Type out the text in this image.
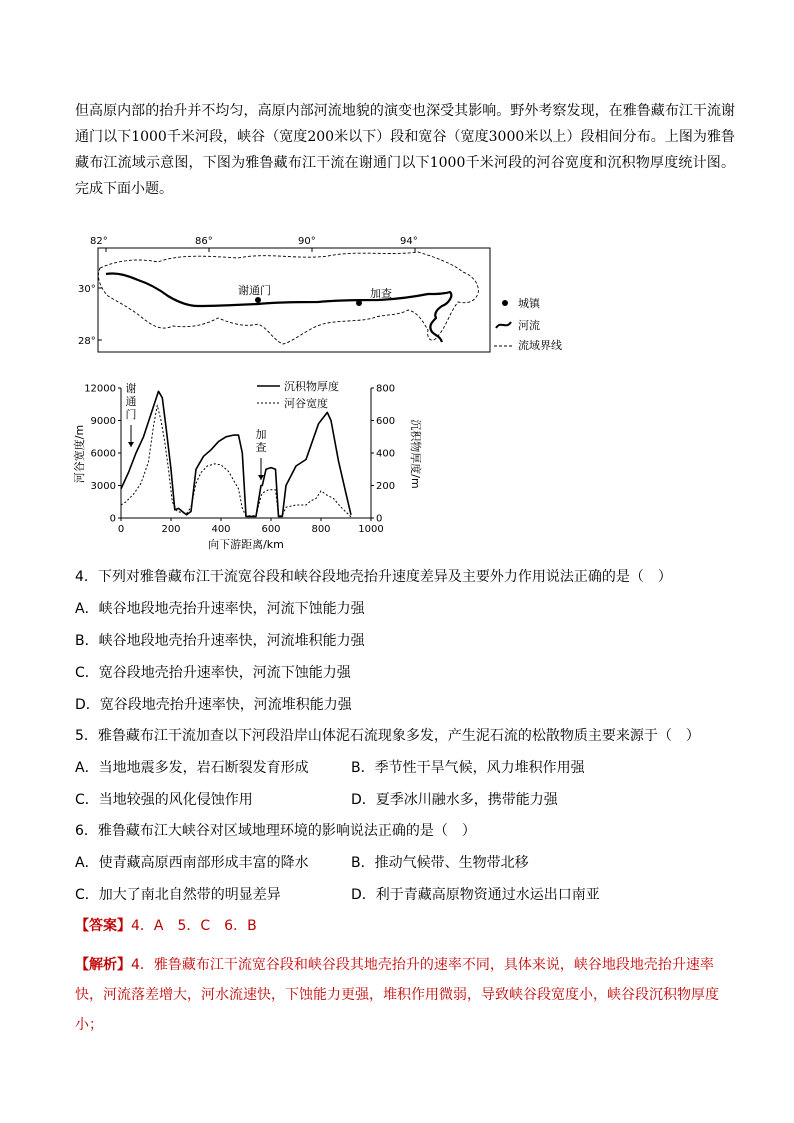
但高原内部的抬升并不均匀，高原内部河流地貌的演变也深受其影响。野外考察发现，在雅鲁藏布江干流谢通门以下1000千米河段，峡谷（宽度200米以下）段和宽谷（宽度3000米以上）段相间分布。上图为雅鲁藏布江流域示意图，下图为雅鲁藏布江干流在谢通门以下1000千米河段的河谷宽度和沉积物厚度统计图。完成下面小题。

82°	86°	90°	94°
30°
28°
谢通门	加查
城镇
河流
流域界线
0	200	400	600	800	1000
0
3000
6000
9000
12000
0
200
400
600
800
向下游距离/km
河谷宽度/m	沉积物厚度/m
谢
通
门
加
查
沉积物厚度
河谷宽度
4．下列对雅鲁藏布江干流宽谷段和峡谷段地壳抬升速度差异及主要外力作用说法正确的是（　）
A．峡谷地段地壳抬升速率快，河流下蚀能力强
B．峡谷地段地壳抬升速率快，河流堆积能力强
C．宽谷段地壳抬升速率快，河流下蚀能力强
D．宽谷段地壳抬升速率快，河流堆积能力强
5．雅鲁藏布江干流加查以下河段沿岸山体泥石流现象多发，产生泥石流的松散物质主要来源于（　）
A．当地地震多发，岩石断裂发育形成	B．季节性干旱气候，风力堆积作用强
C．当地较强的风化侵蚀作用	D．夏季冰川融水多，携带能力强
6．雅鲁藏布江大峡谷对区域地理环境的影响说法正确的是（　）
A．使青藏高原西南部形成丰富的降水	B．推动气候带、生物带北移
C．加大了南北自然带的明显差异	D．利于青藏高原物资通过水运出口南亚
【答案】4．A　5．C　6．B
【解析】4．雅鲁藏布江干流宽谷段和峡谷段其地壳抬升的速率不同，具体来说，峡谷地段地壳抬升速率快，河流落差增大，河水流速快，下蚀能力更强，堆积作用微弱，导致峡谷段宽度小，峡谷段沉积物厚度小；
